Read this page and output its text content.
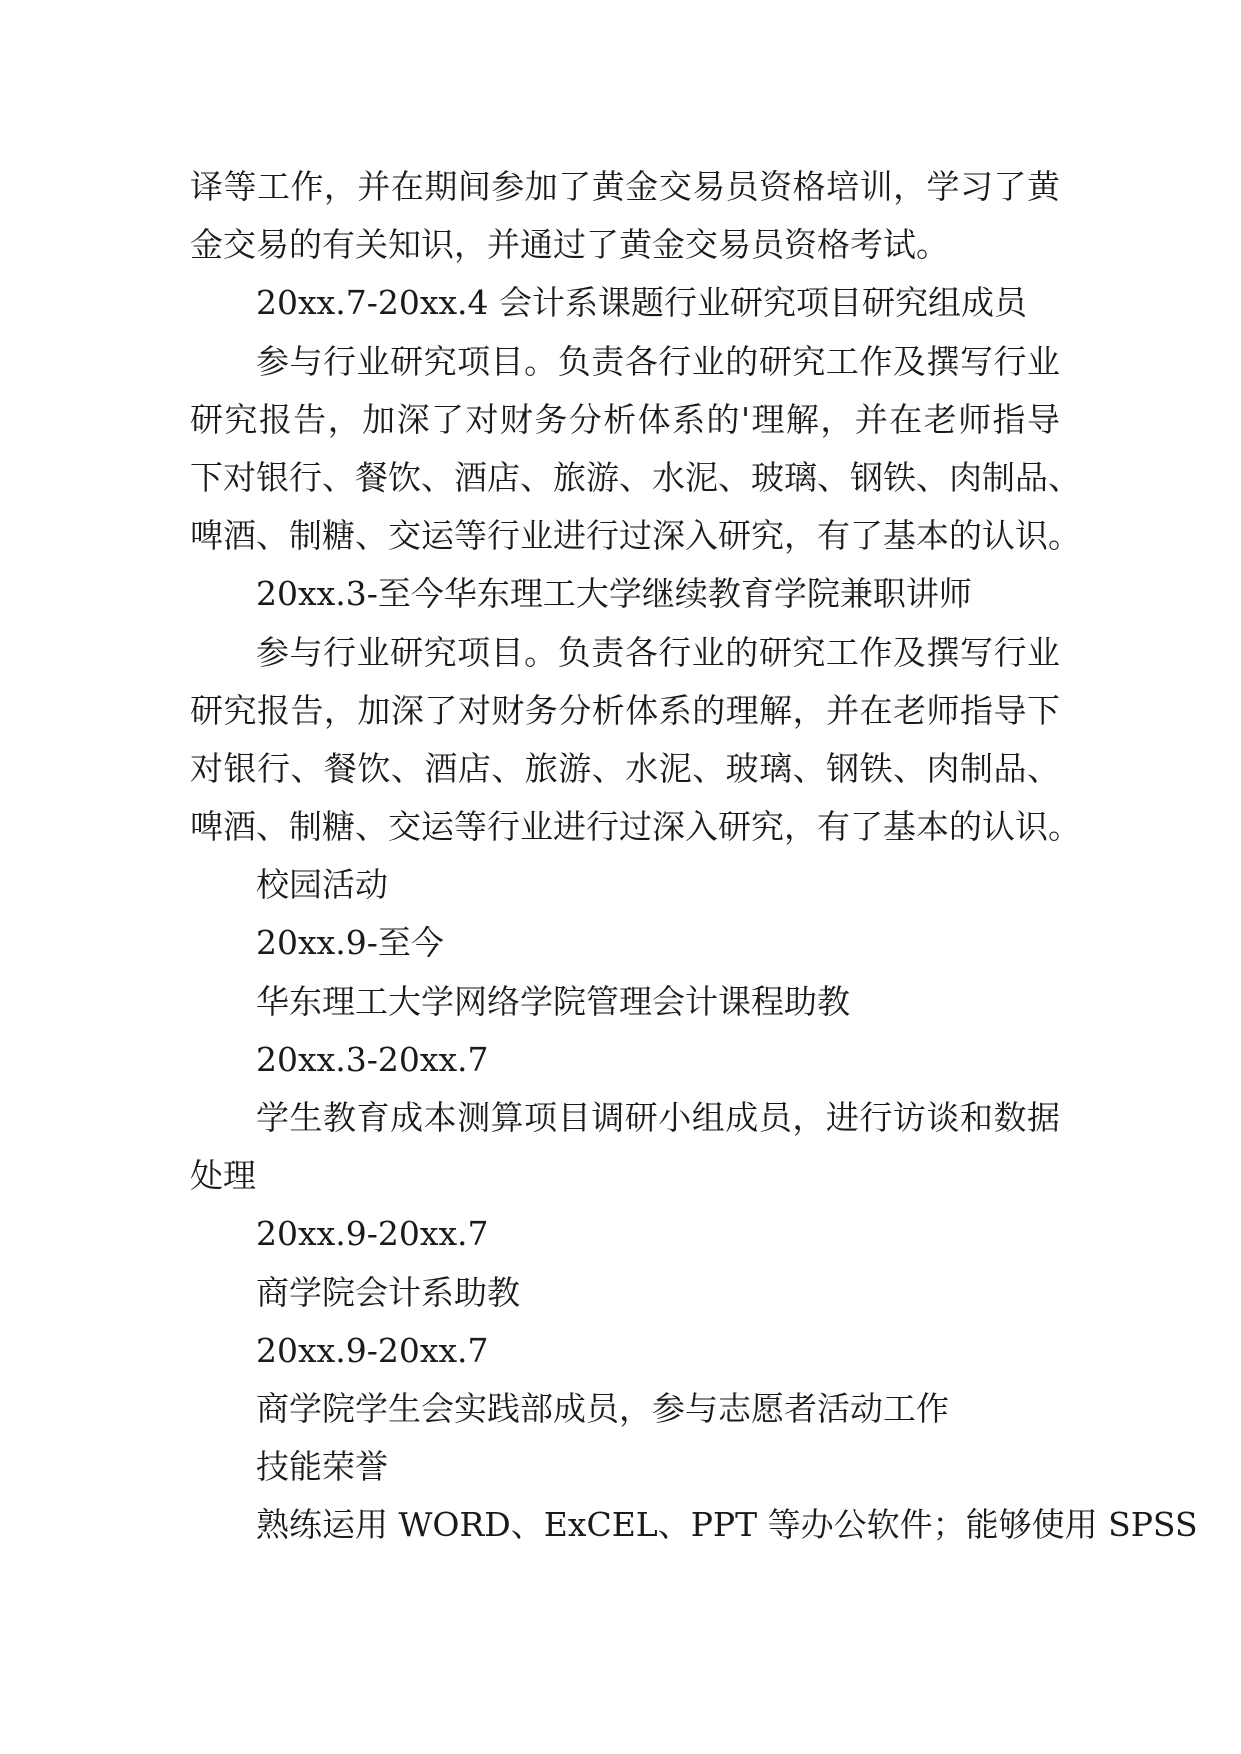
译等工作，并在期间参加了黄金交易员资格培训，学习了黄
金交易的有关知识，并通过了黄金交易员资格考试。
20xx.7-20xx.4 会计系课题行业研究项目研究组成员
参与行业研究项目。负责各行业的研究工作及撰写行业
研究报告，加深了对财务分析体系的'理解，并在老师指导
下对银行、餐饮、酒店、旅游、水泥、玻璃、钢铁、肉制品、
啤酒、制糖、交运等行业进行过深入研究，有了基本的认识。
20xx.3-至今华东理工大学继续教育学院兼职讲师
参与行业研究项目。负责各行业的研究工作及撰写行业
研究报告，加深了对财务分析体系的理解，并在老师指导下
对银行、餐饮、酒店、旅游、水泥、玻璃、钢铁、肉制品、
啤酒、制糖、交运等行业进行过深入研究，有了基本的认识。
校园活动
20xx.9-至今
华东理工大学网络学院管理会计课程助教
20xx.3-20xx.7
学生教育成本测算项目调研小组成员，进行访谈和数据
处理
20xx.9-20xx.7
商学院会计系助教
20xx.9-20xx.7
商学院学生会实践部成员，参与志愿者活动工作
技能荣誉
熟练运用 WORD、ExCEL、PPT 等办公软件；能够使用 SPSS
